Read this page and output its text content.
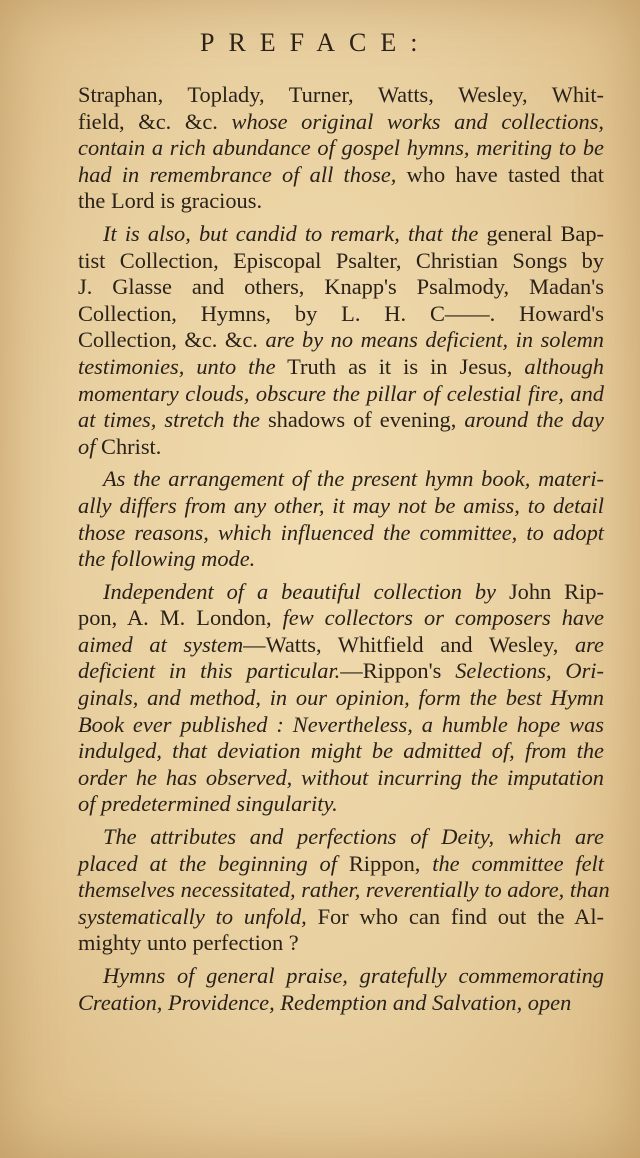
PREFACE:
Straphan, Toplady, Turner, Watts, Wesley, Whit-
field, &c. &c. whose original works and collections,
contain a rich abundance of gospel hymns, meriting to be
had in remembrance of all those, who have tasted that
the Lord is gracious.
It is also, but candid to remark, that the general Bap-
tist Collection, Episcopal Psalter, Christian Songs by
J. Glasse and others, Knapp's Psalmody, Madan's
Collection, Hymns, by L. H. C——. Howard's
Collection, &c. &c. are by no means deficient, in solemn
testimonies, unto the Truth as it is in Jesus, although
momentary clouds, obscure the pillar of celestial fire, and
at times, stretch the shadows of evening, around the day
of Christ.
As the arrangement of the present hymn book, materi-
ally differs from any other, it may not be amiss, to detail
those reasons, which influenced the committee, to adopt
the following mode.
Independent of a beautiful collection by John Rip-
pon, A. M. London, few collectors or composers have
aimed at system—Watts, Whitfield and Wesley, are
deficient in this particular.—Rippon's Selections, Ori-
ginals, and method, in our opinion, form the best Hymn
Book ever published : Nevertheless, a humble hope was
indulged, that deviation might be admitted of, from the
order he has observed, without incurring the imputation
of predetermined singularity.
The attributes and perfections of Deity, which are
placed at the beginning of Rippon, the committee felt
themselves necessitated, rather, reverentially to adore, than
systematically to unfold, For who can find out the Al-
mighty unto perfection ?
Hymns of general praise, gratefully commemorating
Creation, Providence, Redemption and Salvation, open
